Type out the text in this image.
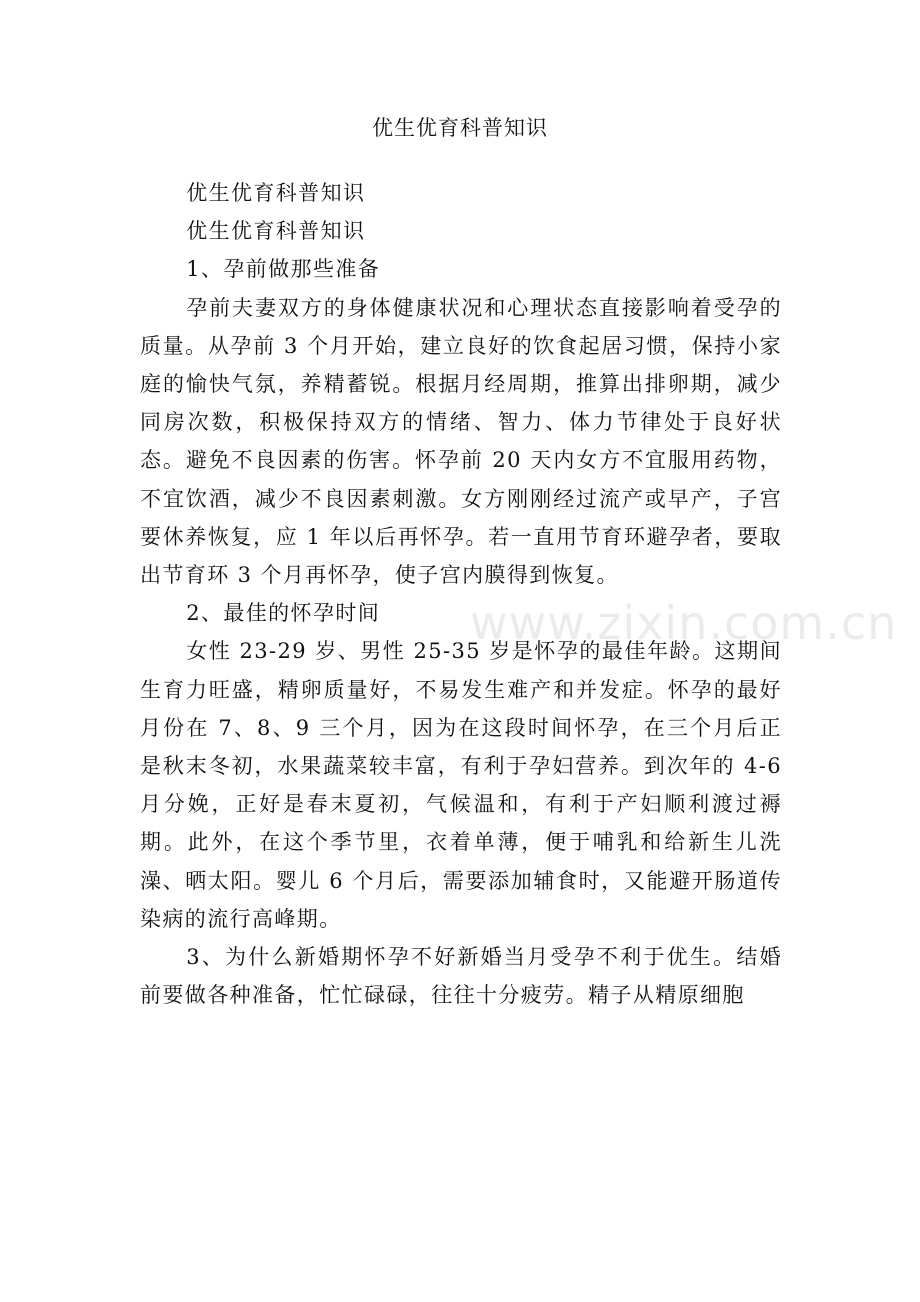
优生优育科普知识

优生优育科普知识

优生优育科普知识

1、孕前做那些准备

孕前夫妻双方的身体健康状况和心理状态直接影响着受孕的质量。从孕前 3 个月开始，建立良好的饮食起居习惯，保持小家庭的愉快气氛，养精蓄锐。根据月经周期，推算出排卵期，减少同房次数，积极保持双方的情绪、智力、体力节律处于良好状态。避免不良因素的伤害。怀孕前 20 天内女方不宜服用药物，不宜饮酒，减少不良因素刺激。女方刚刚经过流产或早产，子宫要休养恢复，应 1 年以后再怀孕。若一直用节育环避孕者，要取出节育环 3 个月再怀孕，使子宫内膜得到恢复。

2、最佳的怀孕时间

女性 23-29 岁、男性 25-35 岁是怀孕的最佳年龄。这期间生育力旺盛，精卵质量好，不易发生难产和并发症。怀孕的最好月份在 7、8、9 三个月，因为在这段时间怀孕，在三个月后正是秋末冬初，水果蔬菜较丰富，有利于孕妇营养。到次年的 4-6 月分娩，正好是春末夏初，气候温和，有利于产妇顺利渡过褥期。此外，在这个季节里，衣着单薄，便于哺乳和给新生儿洗澡、晒太阳。婴儿 6 个月后，需要添加辅食时，又能避开肠道传染病的流行高峰期。

3、为什么新婚期怀孕不好新婚当月受孕不利于优生。结婚前要做各种准备，忙忙碌碌，往往十分疲劳。精子从精原细胞

www.zixin.com.cn
